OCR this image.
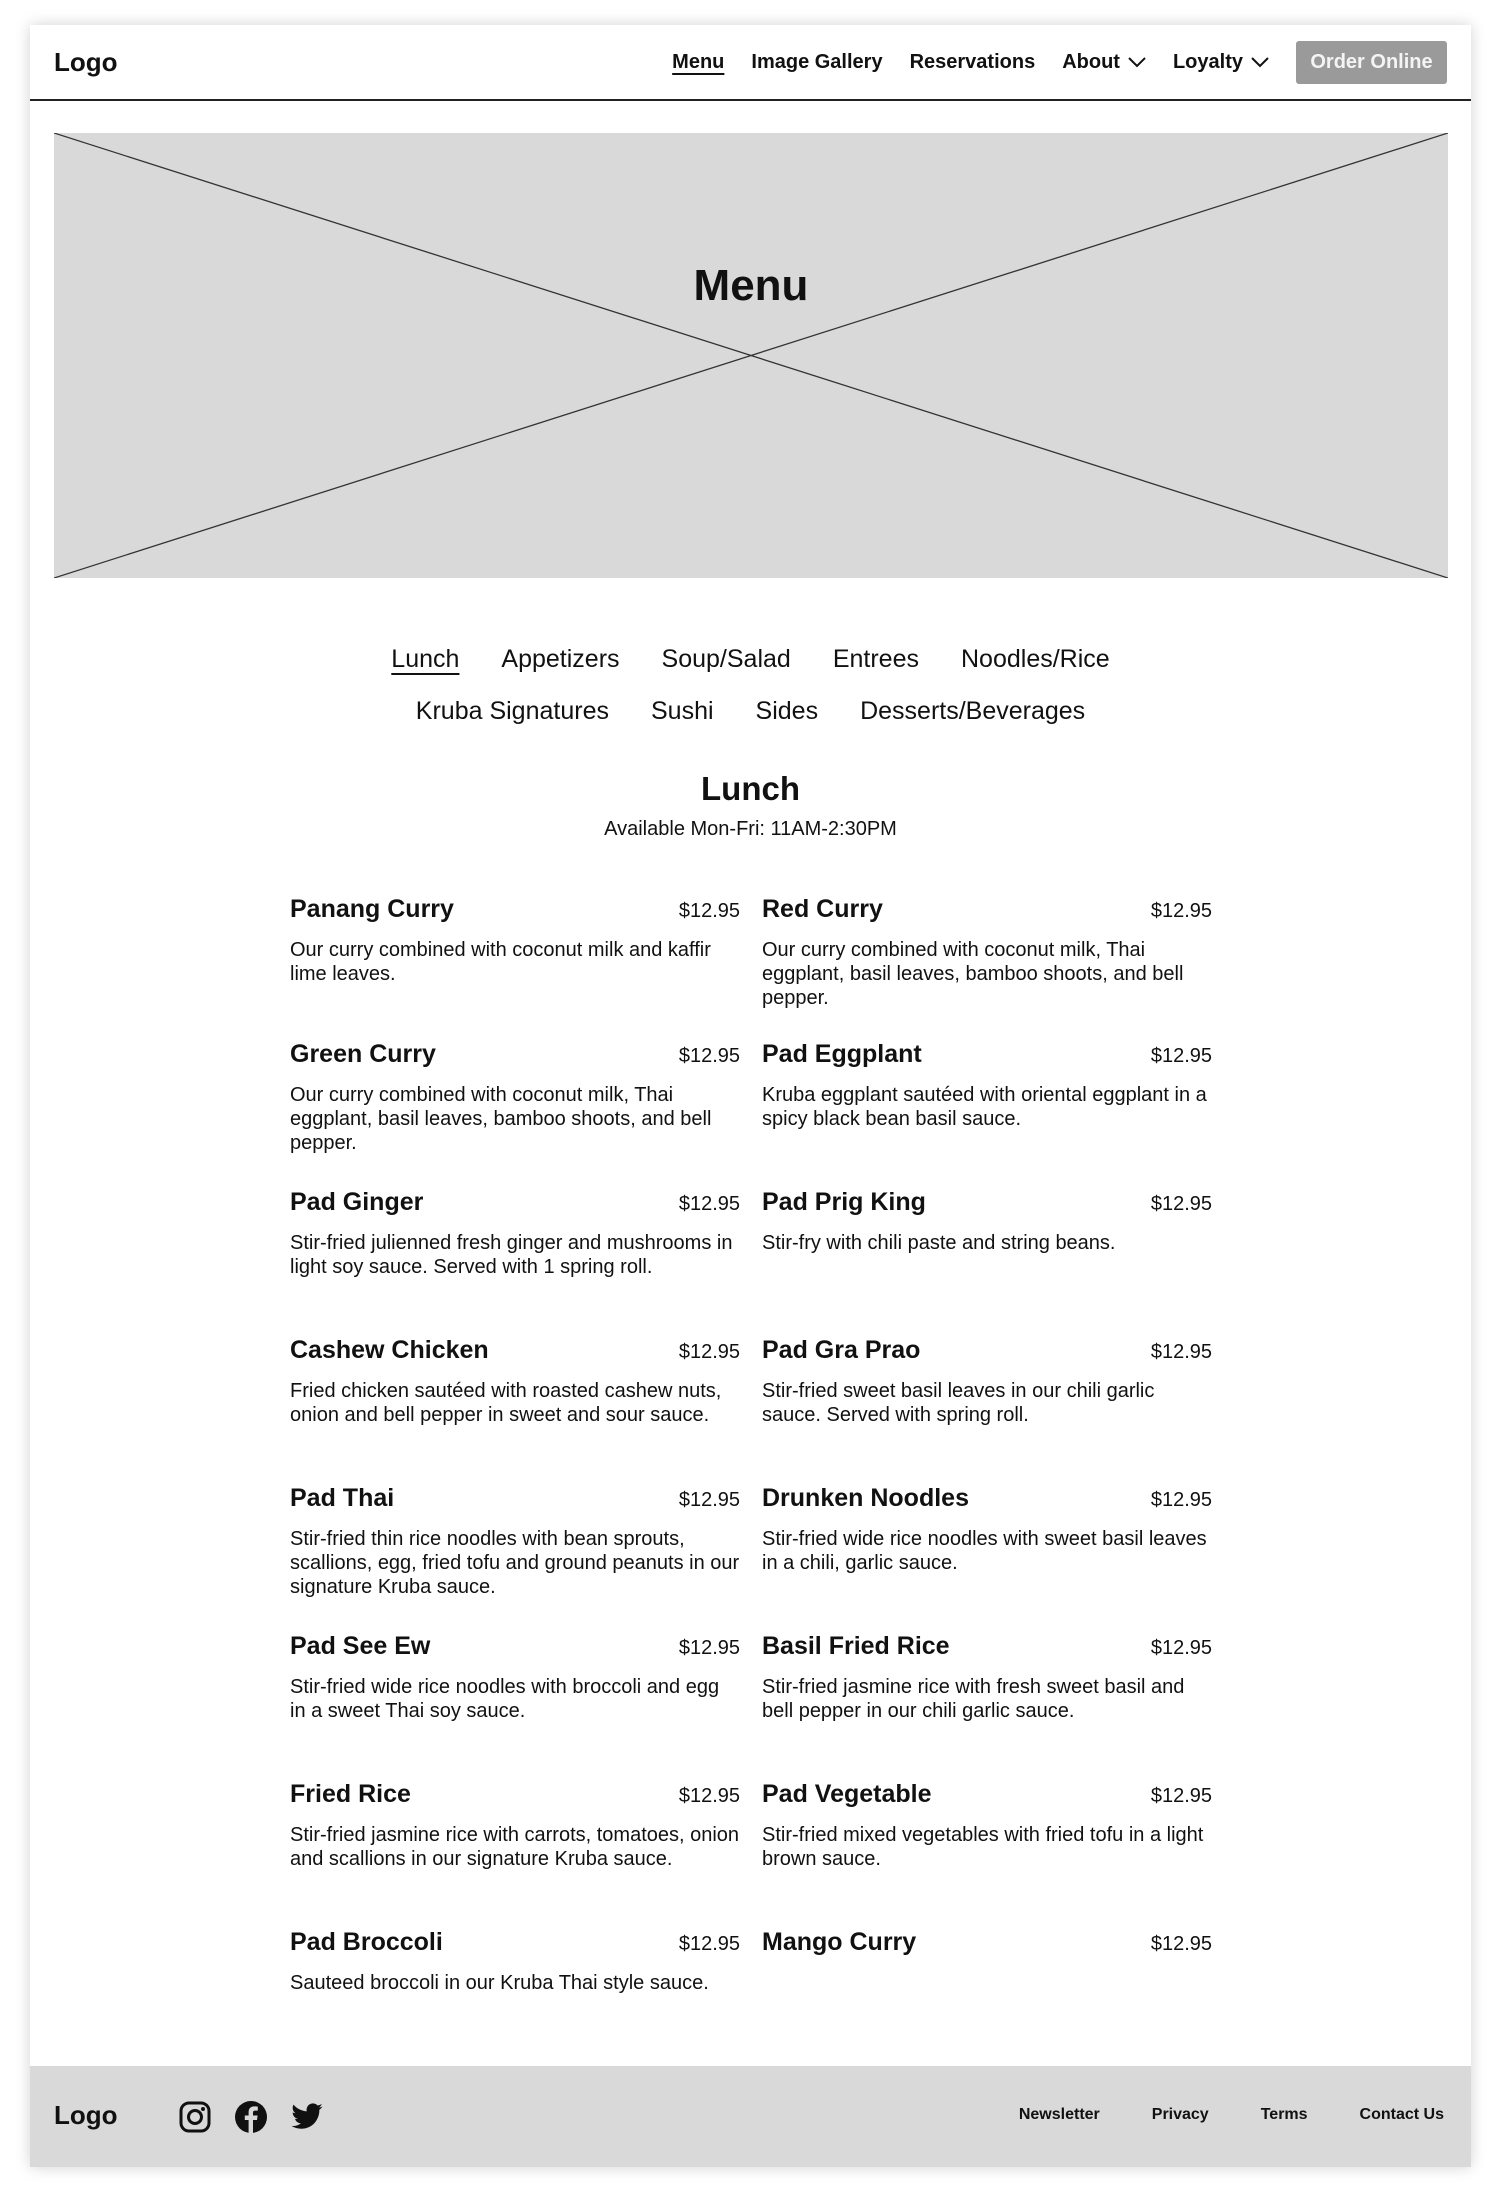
Logo	Menu Image Gallery Reservations About	Loyalty	Order Online
Menu
Lunch Appetizers Soup/Salad Entrees Noodles/Rice
Kruba Signatures Sushi Sides Desserts/Beverages
Lunch
Available Mon-Fri: 11AM-2:30PM
Panang Curry	$12.95
Our curry combined with coconut milk and kaffir lime leaves.
Red Curry	$12.95
Our curry combined with coconut milk, Thai eggplant, basil leaves, bamboo shoots, and bell pepper.
Green Curry	$12.95
Our curry combined with coconut milk, Thai eggplant, basil leaves, bamboo shoots, and bell pepper.
Pad Eggplant	$12.95
Kruba eggplant sautéed with oriental eggplant in a spicy black bean basil sauce.
Pad Ginger	$12.95
Stir-fried julienned fresh ginger and mushrooms in light soy sauce. Served with 1 spring roll.
Pad Prig King	$12.95
Stir-fry with chili paste and string beans.
Cashew Chicken	$12.95
Fried chicken sautéed with roasted cashew nuts, onion and bell pepper in sweet and sour sauce.
Pad Gra Prao	$12.95
Stir-fried sweet basil leaves in our chili garlic sauce. Served with spring roll.
Pad Thai	$12.95
Stir-fried thin rice noodles with bean sprouts, scallions, egg, fried tofu and ground peanuts in our signature Kruba sauce.
Drunken Noodles	$12.95
Stir-fried wide rice noodles with sweet basil leaves in a chili, garlic sauce.
Pad See Ew	$12.95
Stir-fried wide rice noodles with broccoli and egg in a sweet Thai soy sauce.
Basil Fried Rice	$12.95
Stir-fried jasmine rice with fresh sweet basil and bell pepper in our chili garlic sauce.
Fried Rice	$12.95
Stir-fried jasmine rice with carrots, tomatoes, onion and scallions in our signature Kruba sauce.
Pad Vegetable	$12.95
Stir-fried mixed vegetables with fried tofu in a light brown sauce.
Pad Broccoli	$12.95
Sauteed broccoli in our Kruba Thai style sauce.
Mango Curry	$12.95
Logo	Newsletter	Privacy	Terms	Contact Us
